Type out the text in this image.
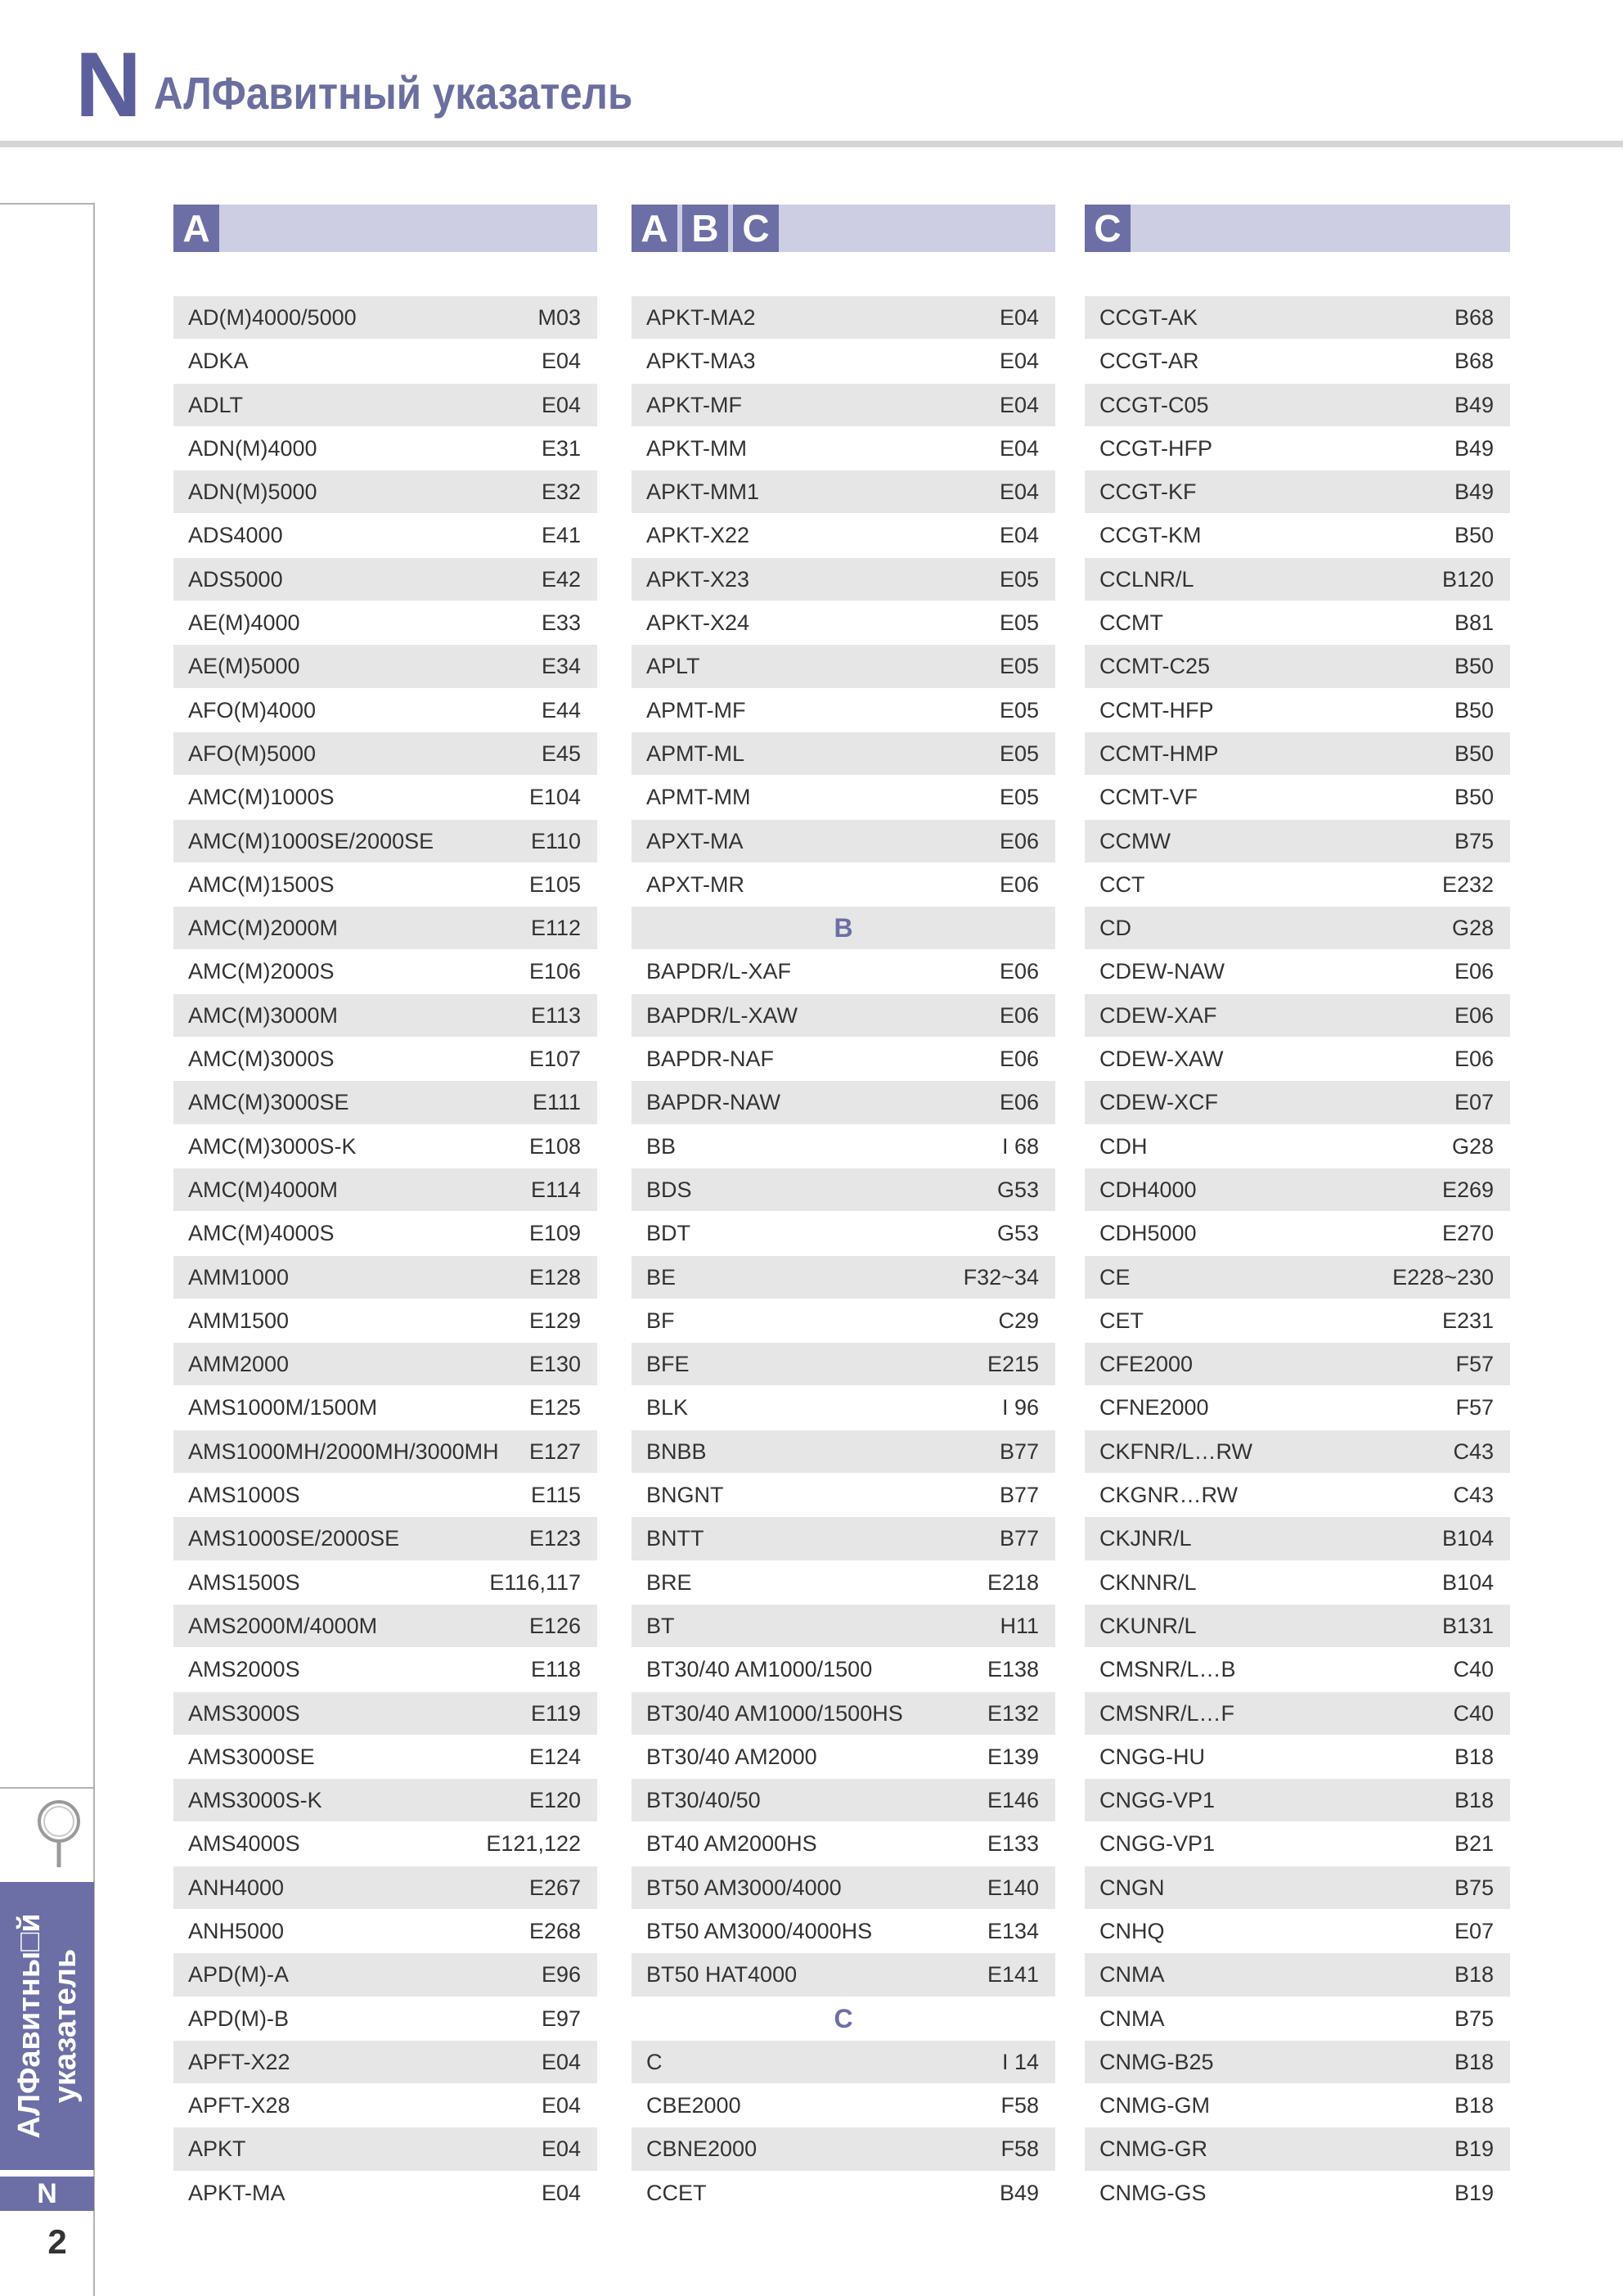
N АЛФавитный указатель
АЛФавитны□й указатель
N
2
A
AD(M)4000/5000	M03
ADKA	E04
ADLT	E04
ADN(M)4000	E31
ADN(M)5000	E32
ADS4000	E41
ADS5000	E42
AE(M)4000	E33
AE(M)5000	E34
AFO(M)4000	E44
AFO(M)5000	E45
AMC(M)1000S	E104
AMC(M)1000SE/2000SE	E110
AMC(M)1500S	E105
AMC(M)2000M	E112
AMC(M)2000S	E106
AMC(M)3000M	E113
AMC(M)3000S	E107
AMC(M)3000SE	E111
AMC(M)3000S-K	E108
AMC(M)4000M	E114
AMC(M)4000S	E109
AMM1000	E128
AMM1500	E129
AMM2000	E130
AMS1000M/1500M	E125
AMS1000MH/2000MH/3000MH E127
AMS1000S	E115
AMS1000SE/2000SE	E123
AMS1500S	E116,117
AMS2000M/4000M	E126
AMS2000S	E118
AMS3000S	E119
AMS3000SE	E124
AMS3000S-K	E120
AMS4000S	E121,122
ANH4000	E267
ANH5000	E268
APD(M)-A	E96
APD(M)-B	E97
APFT-X22	E04
APFT-X28	E04
APKT	E04
APKT-MA	E04
A B C
APKT-MA2	E04
APKT-MA3	E04
APKT-MF	E04
APKT-MM	E04
APKT-MM1	E04
APKT-X22	E04
APKT-X23	E05
APKT-X24	E05
APLT	E05
APMT-MF	E05
APMT-ML	E05
APMT-MM	E05
APXT-MA	E06
APXT-MR	E06
B
BAPDR/L-XAF	E06
BAPDR/L-XAW	E06
BAPDR-NAF	E06
BAPDR-NAW	E06
BB	I 68
BDS	G53
BDT	G53
BE	F32~34
BF	C29
BFE	E215
BLK	I 96
BNBB	B77
BNGNT	B77
BNTT	B77
BRE	E218
BT	H11
BT30/40 AM1000/1500	E138
BT30/40 AM1000/1500HS	E132
BT30/40 AM2000	E139
BT30/40/50	E146
BT40 AM2000HS	E133
BT50 AM3000/4000	E140
BT50 AM3000/4000HS	E134
BT50 HAT4000	E141
C
C	I 14
CBE2000	F58
CBNE2000	F58
CCET	B49
C
CCGT-AK	B68
CCGT-AR	B68
CCGT-C05	B49
CCGT-HFP	B49
CCGT-KF	B49
CCGT-KM	B50
CCLNR/L	B120
CCMT	B81
CCMT-C25	B50
CCMT-HFP	B50
CCMT-HMP	B50
CCMT-VF	B50
CCMW	B75
CCT	E232
CD	G28
CDEW-NAW	E06
CDEW-XAF	E06
CDEW-XAW	E06
CDEW-XCF	E07
CDH	G28
CDH4000	E269
CDH5000	E270
CE	E228~230
CET	E231
CFE2000	F57
CFNE2000	F57
CKFNR/L…RW	C43
CKGNR…RW	C43
CKJNR/L	B104
CKNNR/L	B104
CKUNR/L	B131
CMSNR/L…B	C40
CMSNR/L…F	C40
CNGG-HU	B18
CNGG-VP1	B18
CNGG-VP1	B21
CNGN	B75
CNHQ	E07
CNMA	B18
CNMA	B75
CNMG-B25	B18
CNMG-GM	B18
CNMG-GR	B19
CNMG-GS	B19
